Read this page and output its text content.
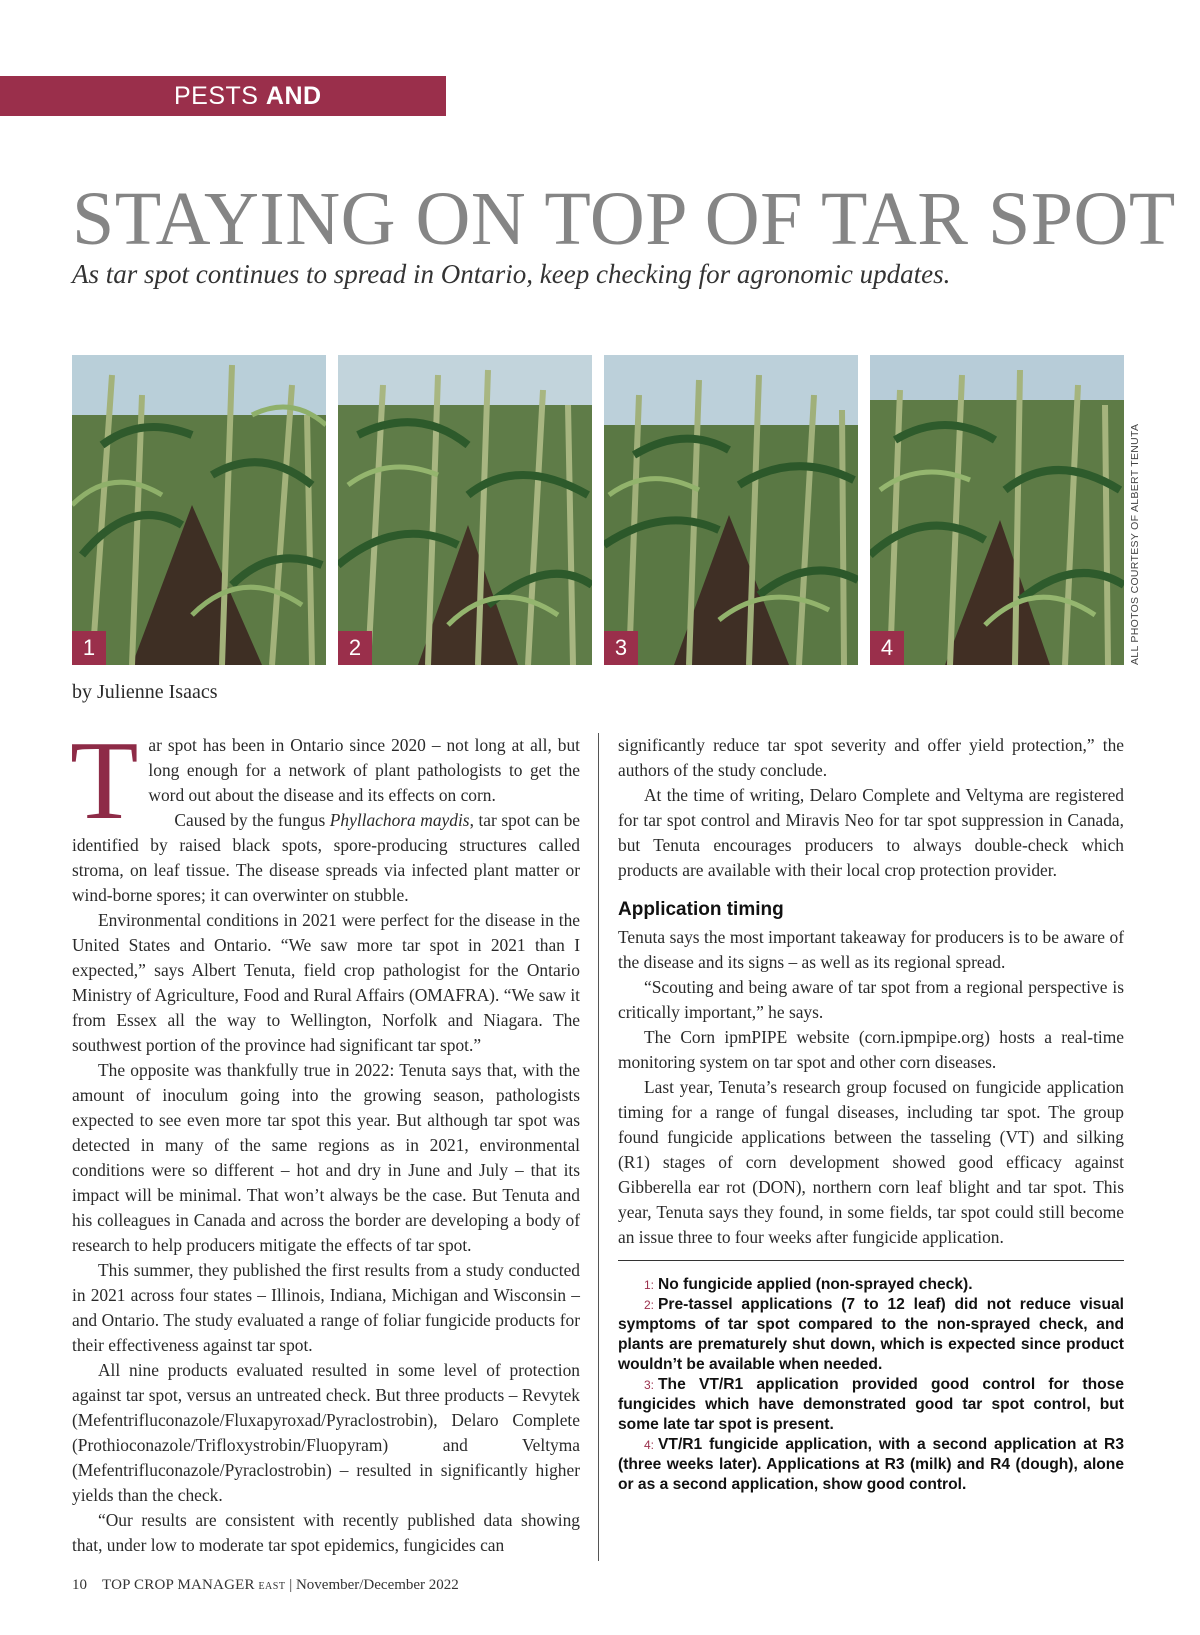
PESTS AND DISEASES
STAYING ON TOP OF TAR SPOT

As tar spot continues to spread in Ontario, keep checking for agronomic updates.

1	2	3	4	ALL PHOTOS COURTESY OF ALBERT TENUTA

by Julienne Isaacs

Tar spot has been in Ontario since 2020 – not long at all, but long enough for a network of plant pathologists to get the word out about the disease and its effects on corn.

Caused by the fungus Phyllachora maydis, tar spot can be identified by raised black spots, spore-producing structures called stroma, on leaf tissue. The disease spreads via infected plant matter or wind-borne spores; it can overwinter on stubble.

Environmental conditions in 2021 were perfect for the disease in the United States and Ontario. “We saw more tar spot in 2021 than I expected,” says Albert Tenuta, field crop pathologist for the Ontario Ministry of Agriculture, Food and Rural Affairs (OMAFRA). “We saw it from Essex all the way to Wellington, Norfolk and Niagara. The southwest portion of the province had significant tar spot.”

The opposite was thankfully true in 2022: Tenuta says that, with the amount of inoculum going into the growing season, pathologists expected to see even more tar spot this year. But although tar spot was detected in many of the same regions as in 2021, environmental conditions were so different – hot and dry in June and July – that its impact will be minimal. That won’t always be the case. But Tenuta and his colleagues in Canada and across the border are developing a body of research to help producers mitigate the effects of tar spot.

This summer, they published the first results from a study conducted in 2021 across four states – Illinois, Indiana, Michigan and Wisconsin – and Ontario. The study evaluated a range of foliar fungicide products for their effectiveness against tar spot.

All nine products evaluated resulted in some level of protection against tar spot, versus an untreated check. But three products – Revytek (Mefentrifluconazole/Fluxapyroxad/Pyraclostrobin), Delaro Complete (Prothioconazole/Trifloxystrobin/Fluopyram) and Veltyma (Mefentrifluconazole/Pyraclostrobin) – resulted in significantly higher yields than the check.

“Our results are consistent with recently published data showing that, under low to moderate tar spot epidemics, fungicides can

significantly reduce tar spot severity and offer yield protection,” the authors of the study conclude.

At the time of writing, Delaro Complete and Veltyma are registered for tar spot control and Miravis Neo for tar spot suppression in Canada, but Tenuta encourages producers to always double-check which products are available with their local crop protection provider.

Application timing

Tenuta says the most important takeaway for producers is to be aware of the disease and its signs – as well as its regional spread.

“Scouting and being aware of tar spot from a regional perspective is critically important,” he says.

The Corn ipmPIPE website (corn.ipmpipe.org) hosts a real-time monitoring system on tar spot and other corn diseases.

Last year, Tenuta’s research group focused on fungicide application timing for a range of fungal diseases, including tar spot. The group found fungicide applications between the tasseling (VT) and silking (R1) stages of corn development showed good efficacy against Gibberella ear rot (DON), northern corn leaf blight and tar spot. This year, Tenuta says they found, in some fields, tar spot could still become an issue three to four weeks after fungicide application.

1: No fungicide applied (non-sprayed check).

2: Pre-tassel applications (7 to 12 leaf) did not reduce visual symptoms of tar spot compared to the non-sprayed check, and plants are prematurely shut down, which is expected since product wouldn’t be available when needed.

3: The VT/R1 application provided good control for those fungicides which have demonstrated good tar spot control, but some late tar spot is present.

4: VT/R1 fungicide application, with a second application at R3 (three weeks later). Applications at R3 (milk) and R4 (dough), alone or as a second application, show good control.

10 TOP CROP MANAGER EAST | November/December 2022
